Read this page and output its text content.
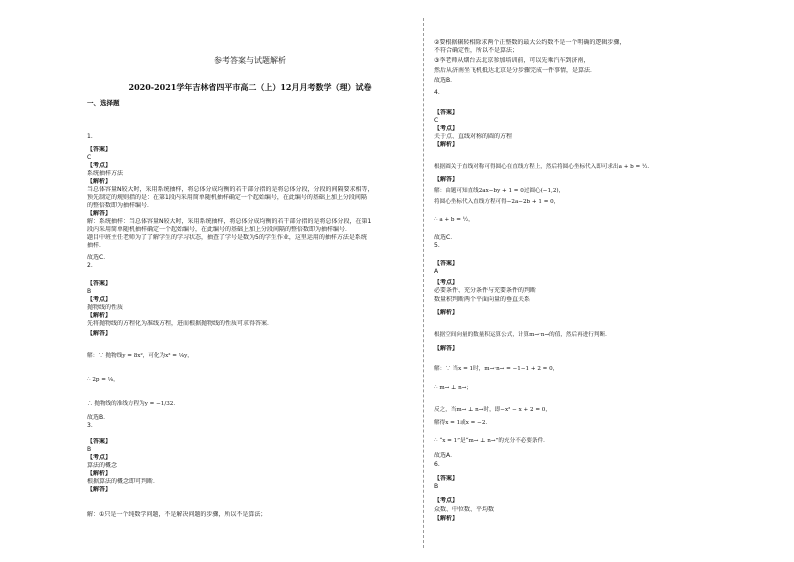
参考答案与试题解析
2020-2021学年吉林省四平市高二（上）12月月考数学（理）试卷
一、选择题
1.
【答案】
C
【考点】
系统抽样方法
【解析】
当总体容量N较大时，采用系统抽样，将总体分成均衡的若干部分指的是将总体分段，分段的间隔要求相等，
预先制定的规则指的是：在第1段内采用简单随机抽样确定一个起始编号，在此编号的基础上加上分段间隔
的整倍数即为抽样编号．
【解答】
解：系统抽样：当总体容量N较大时，采用系统抽样，将总体分成均衡的若干部分指的是将总体分段，在第1
段内采用简单随机抽样确定一个起始编号，在此编号的基础上加上分段间隔的整倍数即为抽样编号．
题目中班主任老师为了了解学生的学习状态，抽查了学号是数为5的学生作业，这里运用的抽样方法是系统
抽样．
故选C．
2.
【答案】
B
【考点】
抛物线的性质
【解析】
先将抛物线的方程化为准线方程，进而根据抛物线的性质可求得答案．
【解答】
解：∵ 抛物线y = 8x²，可化为x² = ⅛y，
∴ 2p = ⅛，
∴ 抛物线的准线方程为y = −1/32．
故选B．
3.
【答案】
B
【考点】
算法的概念
【解析】
根据算法的概念即可判断．
【解答】
解：①只是一个纯数学问题，不是解决问题的步骤，所以不是算法；
②要根据辗转相除求两个正整数的最大公约数不是一个明确的逻辑步骤，
不符合确定性，所以不是算法；
③李老师从烟台去北京参加培训前，可以先乘汽车到济南，
然后从济南坐飞机抵达北京是分步骤完成一件事情，是算法．
故选B．
4.
【答案】
C
【考点】
关于点、直线对称的圆的方程
【解析】
根据圆关于直线对称可得圆心在直线方程上，然后将圆心坐标代入即可求出a + b = ½．
【解答】
解：由题可知直线2ax−by + 1 = 0过圆心(−1,2)，
将圆心坐标代入直线方程可得−2a−2b + 1 = 0，
∴ a + b = ½，
故选C．
5.
【答案】
A
【考点】
必要条件、充分条件与充要条件的判断
数量积判断两个平面向量的垂直关系
【解析】
根据空间向量的数量积运算公式，计算m→·n→的值，然后再进行判断．
【解答】
解：∵ 当x = 1时，m→·n→ = −1−1 + 2 = 0，
∴ m→ ⊥ n→；
反之，当m→ ⊥ n→时，即−x² − x + 2 = 0，
解得x = 1或x = −2．
∴ “x = 1”是“m→ ⊥ n→”的充分不必要条件．
故选A．
6.
【答案】
B
【考点】
众数、中位数、平均数
【解析】
